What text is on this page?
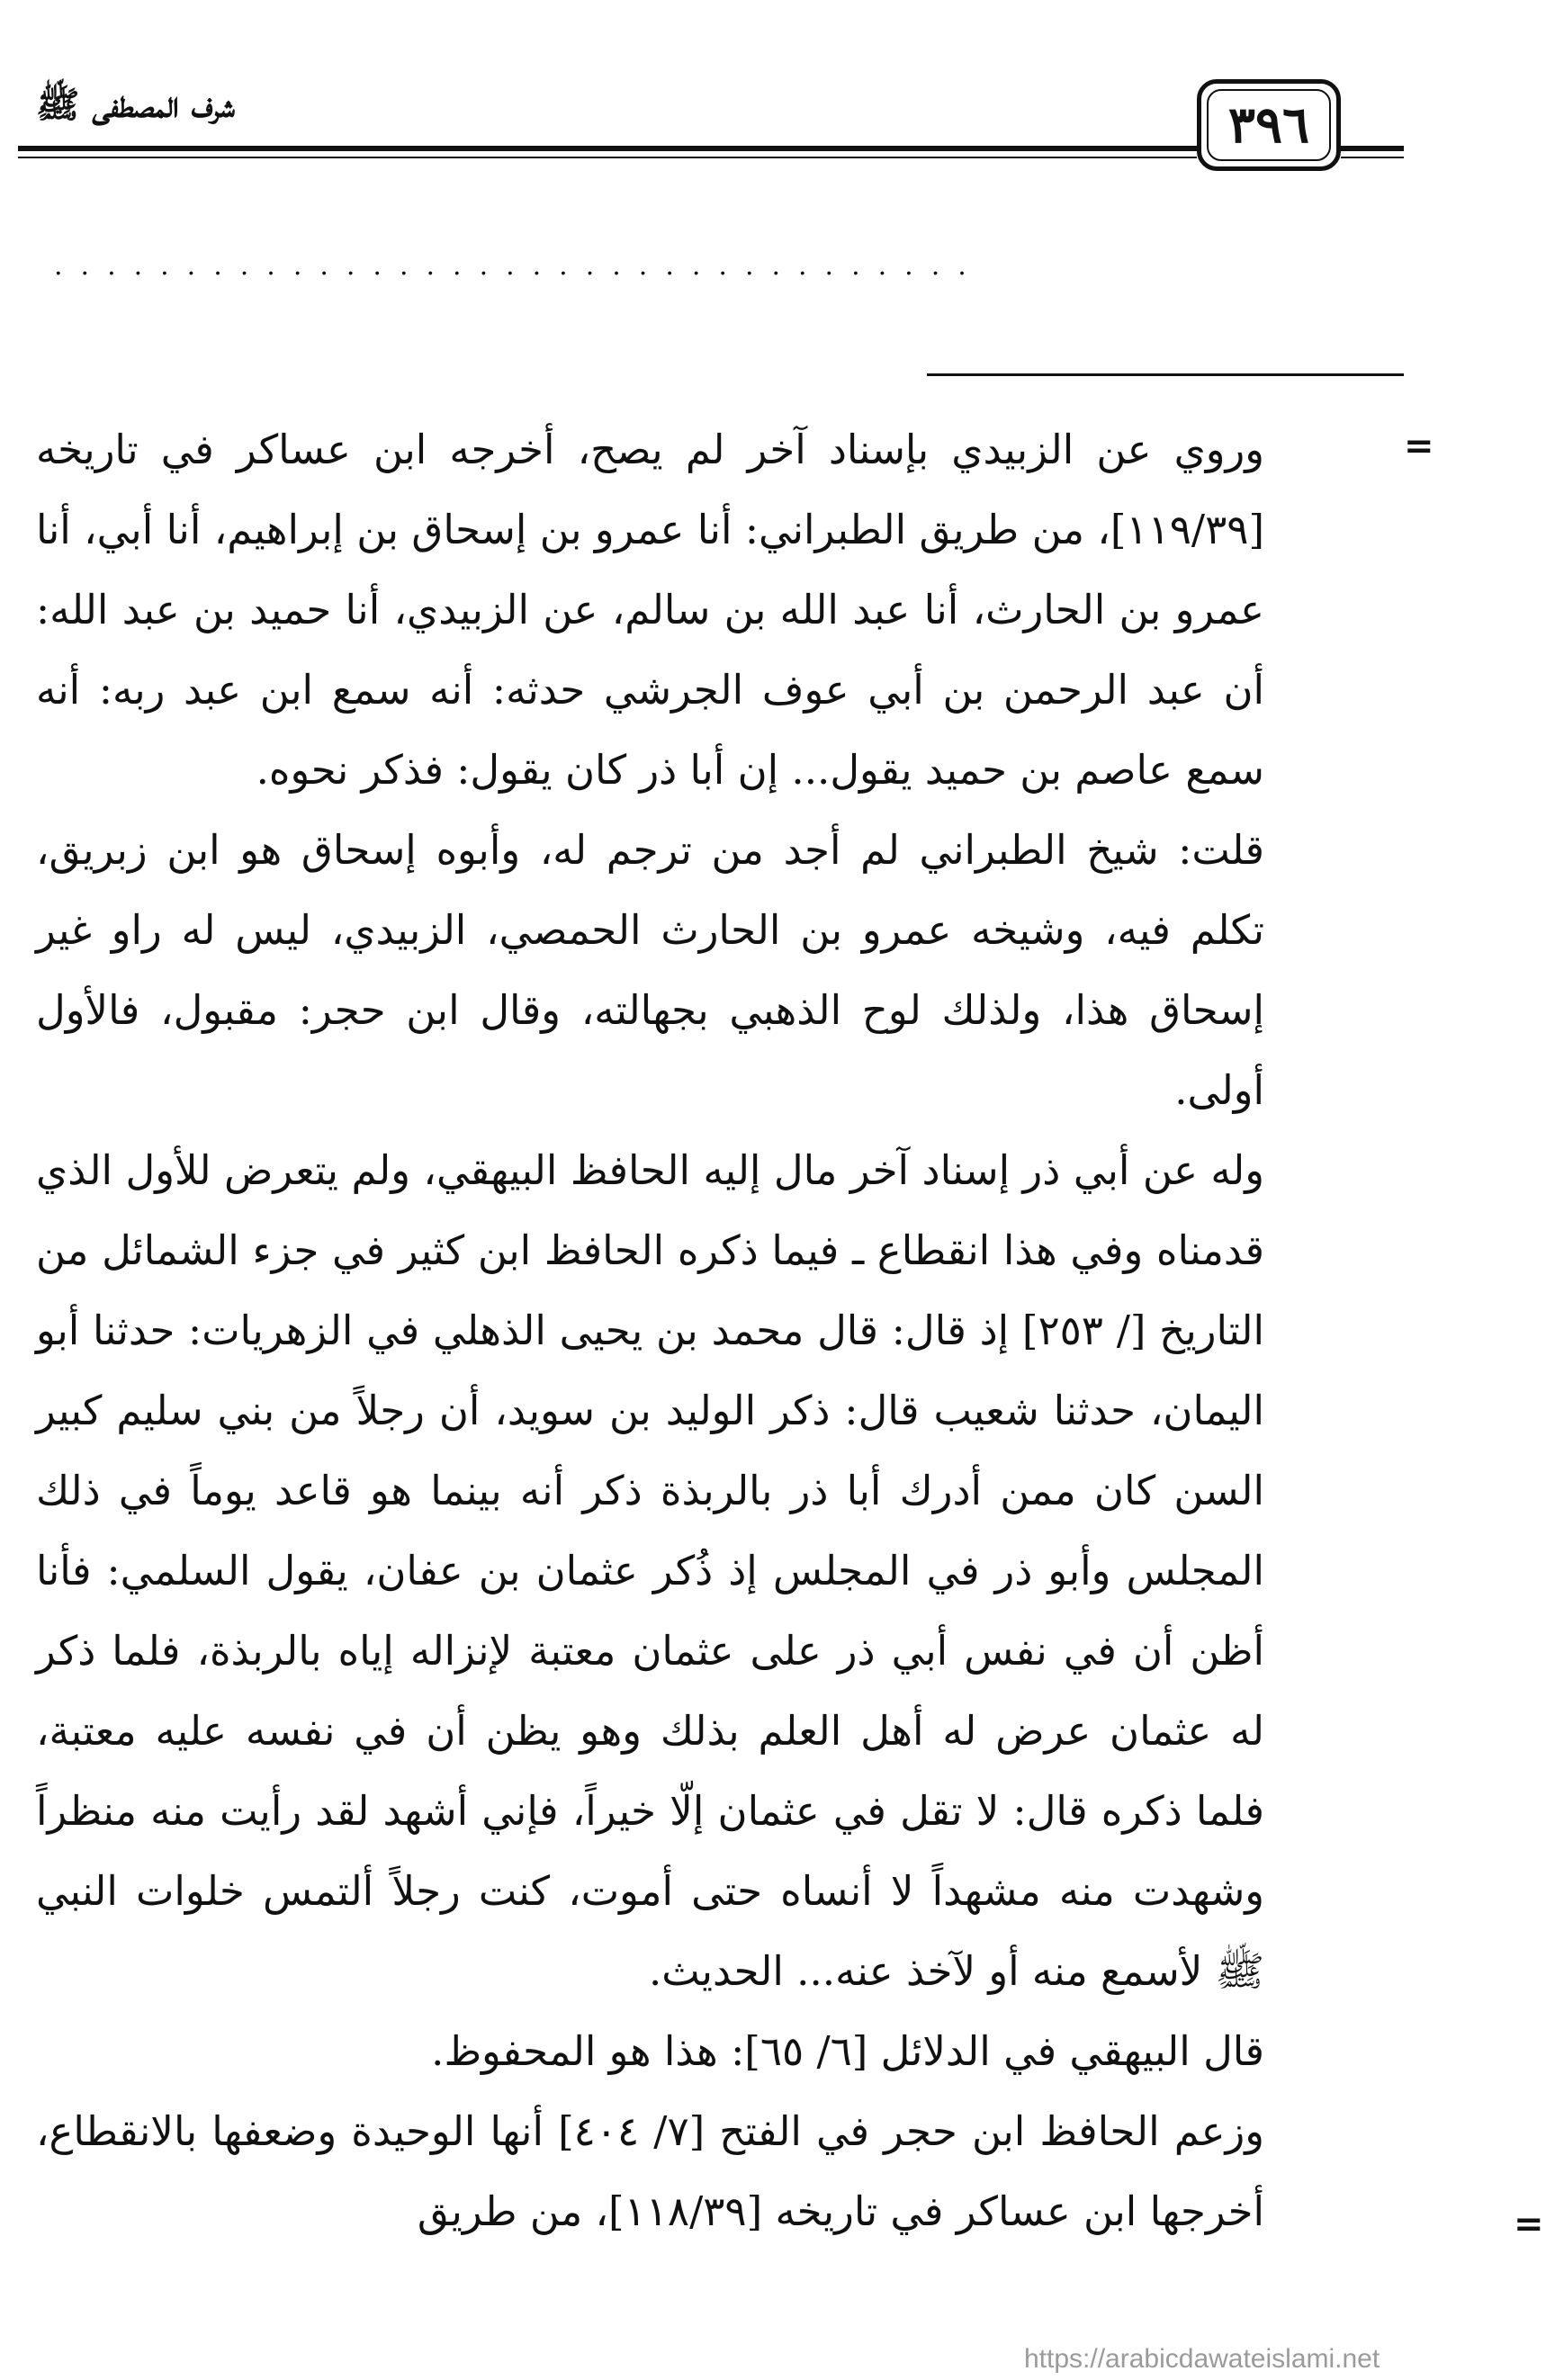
شرف المصطفى ﷺ	٣٩٦
...................................
=
=

وروي عن الزبيدي بإسناد آخر لم يصح، أخرجه ابن عساكر في تاريخه [١١٩/٣٩]، من طريق الطبراني: أنا عمرو بن إسحاق بن إبراهيم، أنا أبي، أنا عمرو بن الحارث، أنا عبد الله بن سالم، عن الزبيدي، أنا حميد بن عبد الله: أن عبد الرحمن بن أبي عوف الجرشي حدثه: أنه سمع ابن عبد ربه: أنه سمع عاصم بن حميد يقول... إن أبا ذر كان يقول: فذكر نحوه.

قلت: شيخ الطبراني لم أجد من ترجم له، وأبوه إسحاق هو ابن زبريق، تكلم فيه، وشيخه عمرو بن الحارث الحمصي، الزبيدي، ليس له راو غير إسحاق هذا، ولذلك لوح الذهبي بجهالته، وقال ابن حجر: مقبول، فالأول أولى.

وله عن أبي ذر إسناد آخر مال إليه الحافظ البيهقي، ولم يتعرض للأول الذي قدمناه وفي هذا انقطاع ـ فيما ذكره الحافظ ابن كثير في جزء الشمائل من التاريخ [/ ٢٥٣] إذ قال: قال محمد بن يحيى الذهلي في الزهريات: حدثنا أبو اليمان، حدثنا شعيب قال: ذكر الوليد بن سويد، أن رجلاً من بني سليم كبير السن كان ممن أدرك أبا ذر بالربذة ذكر أنه بينما هو قاعد يوماً في ذلك المجلس وأبو ذر في المجلس إذ ذُكر عثمان بن عفان، يقول السلمي: فأنا أظن أن في نفس أبي ذر على عثمان معتبة لإنزاله إياه بالربذة، فلما ذكر له عثمان عرض له أهل العلم بذلك وهو يظن أن في نفسه عليه معتبة، فلما ذكره قال: لا تقل في عثمان إلّا خيراً، فإني أشهد لقد رأيت منه منظراً وشهدت منه مشهداً لا أنساه حتى أموت، كنت رجلاً ألتمس خلوات النبي ﷺ لأسمع منه أو لآخذ عنه... الحديث.

قال البيهقي في الدلائل [٦/ ٦٥]: هذا هو المحفوظ.

وزعم الحافظ ابن حجر في الفتح [٧/ ٤٠٤] أنها الوحيدة وضعفها بالانقطاع، أخرجها ابن عساكر في تاريخه [١١٨/٣٩]، من طريق

https://arabicdawateislami.net
